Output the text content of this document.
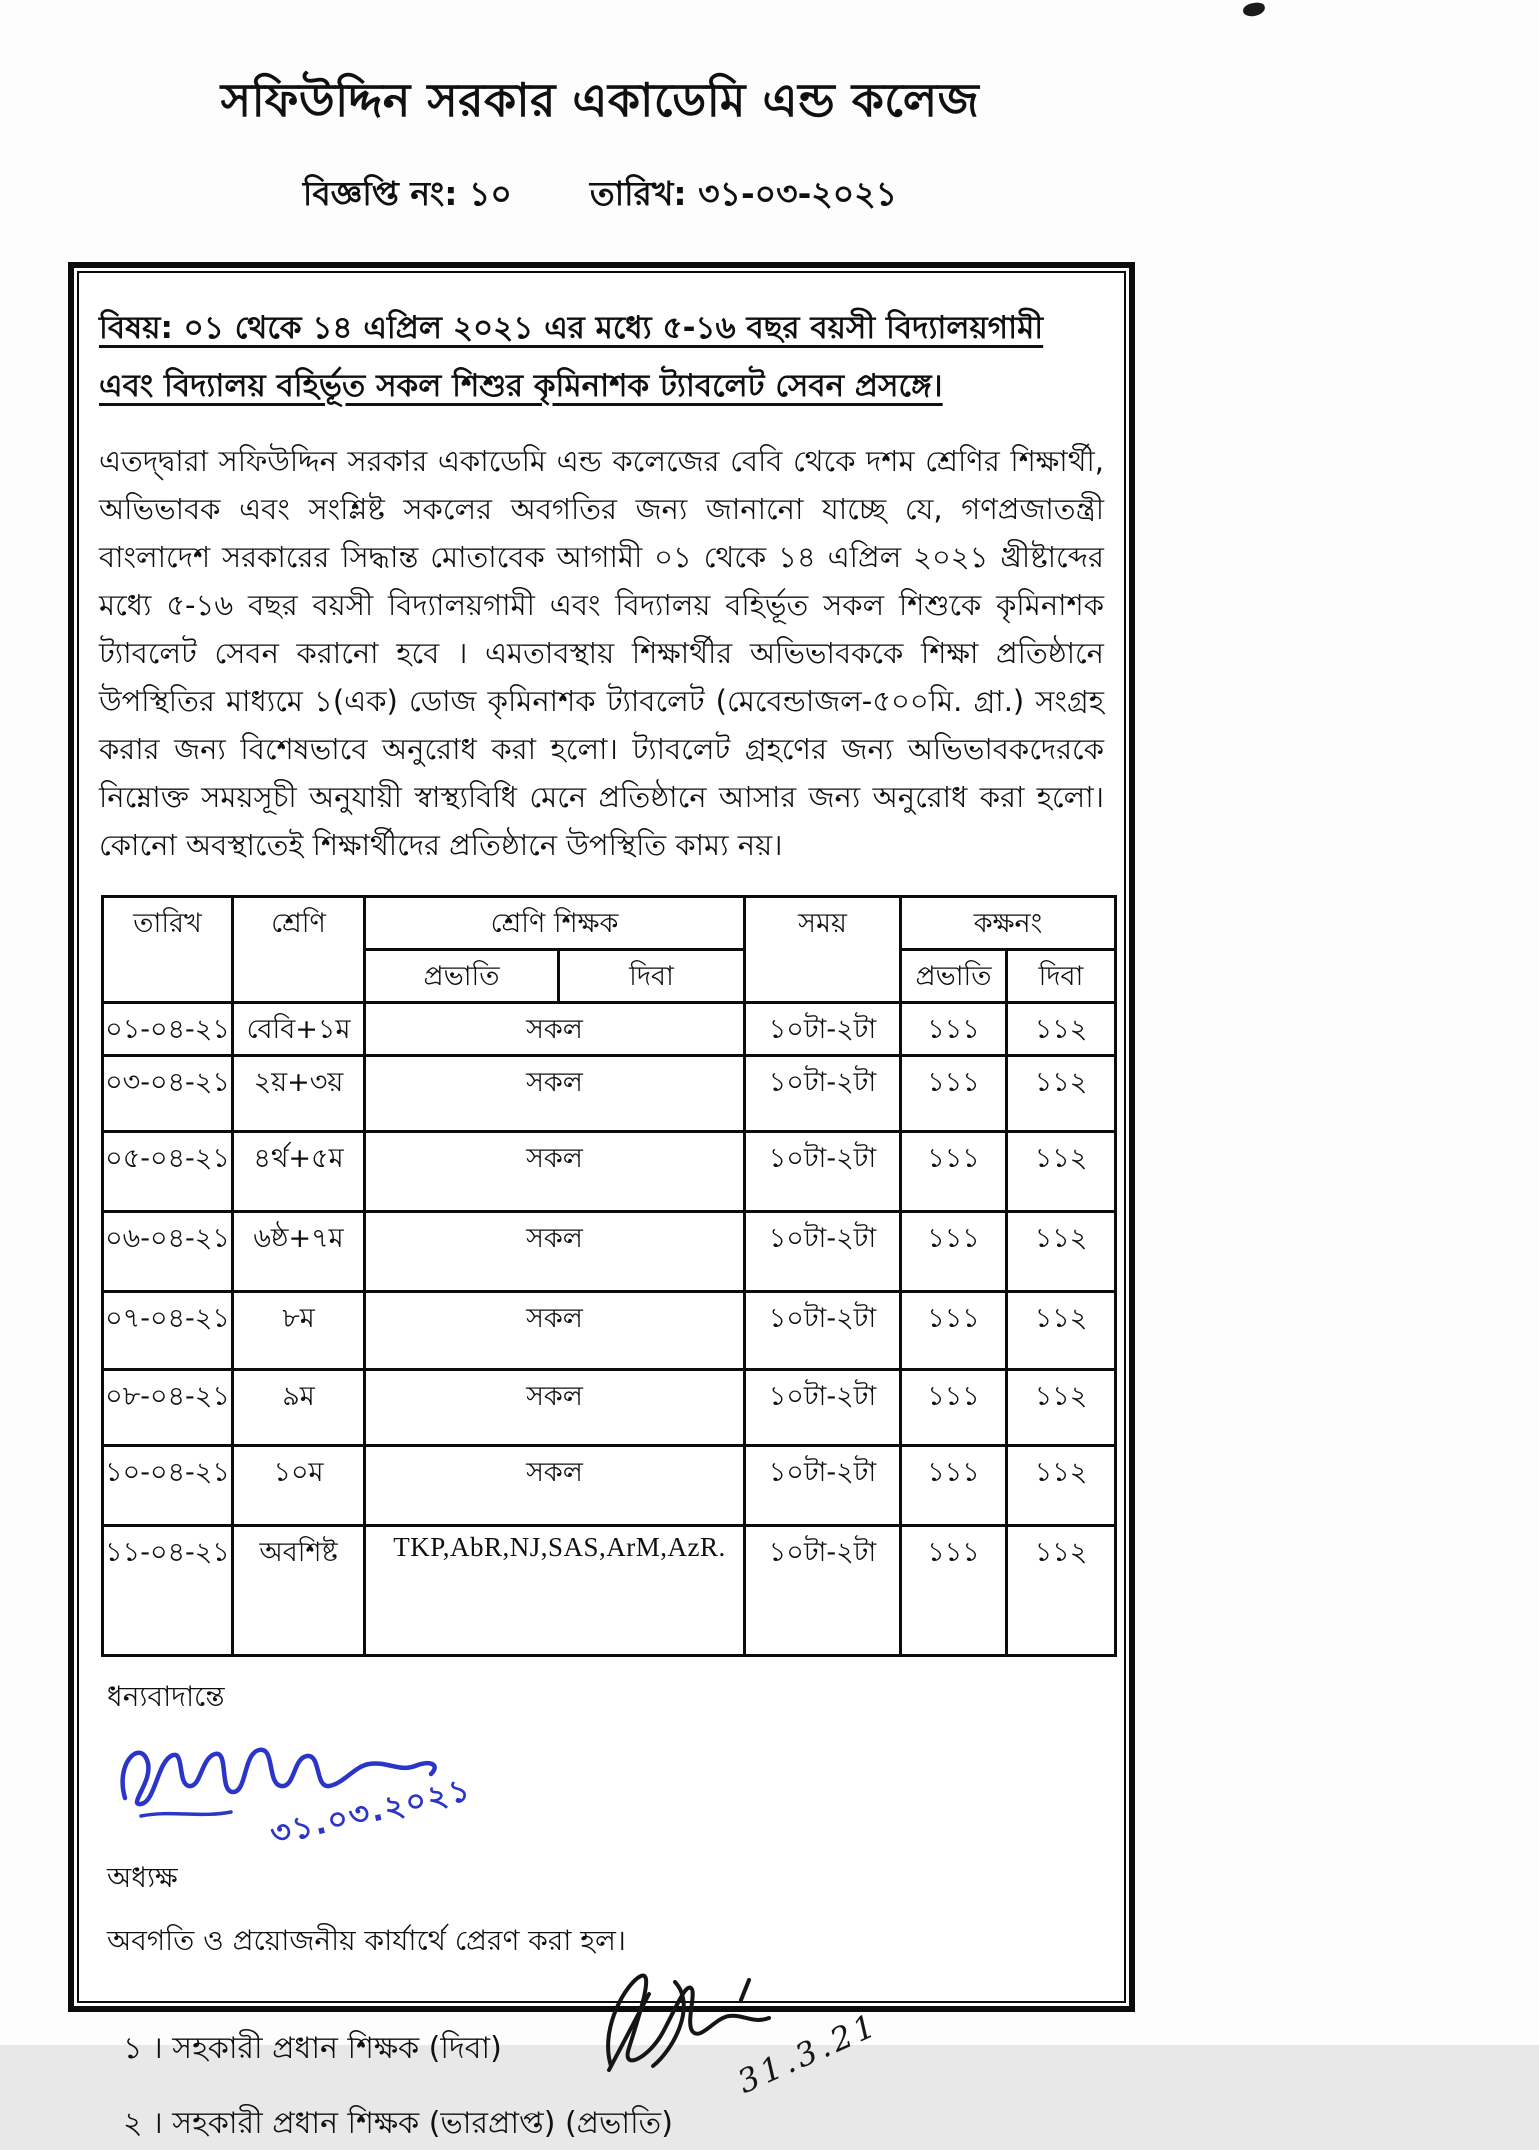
সফিউদ্দিন সরকার একাডেমি এন্ড কলেজ
বিজ্ঞপ্তি নং: ১০ তারিখ: ৩১-০৩-২০২১
বিষয়: ০১ থেকে ১৪ এপ্রিল ২০২১ এর মধ্যে ৫-১৬ বছর বয়সী বিদ্যালয়গামী এবং বিদ্যালয় বহির্ভূত সকল শিশুর কৃমিনাশক ট্যাবলেট সেবন প্রসঙ্গে।
এতদ্দ্বারা সফিউদ্দিন সরকার একাডেমি এন্ড কলেজের বেবি থেকে দশম শ্রেণির শিক্ষার্থী, অভিভাবক এবং সংশ্লিষ্ট সকলের অবগতির জন্য জানানো যাচ্ছে যে, গণপ্রজাতন্ত্রী বাংলাদেশ সরকারের সিদ্ধান্ত মোতাবেক আগামী ০১ থেকে ১৪ এপ্রিল ২০২১ খ্রীষ্টাব্দের মধ্যে ৫-১৬ বছর বয়সী বিদ্যালয়গামী এবং বিদ্যালয় বহির্ভূত সকল শিশুকে কৃমিনাশক ট্যাবলেট সেবন করানো হবে । এমতাবস্থায় শিক্ষার্থীর অভিভাবককে শিক্ষা প্রতিষ্ঠানে উপস্থিতির মাধ্যমে ১(এক) ডোজ কৃমিনাশক ট্যাবলেট (মেবেন্ডাজল-৫০০মি. গ্রা.) সংগ্রহ করার জন্য বিশেষভাবে অনুরোধ করা হলো। ট্যাবলেট গ্রহণের জন্য অভিভাবকদেরকে নিম্নোক্ত সময়সূচী অনুযায়ী স্বাস্থ্যবিধি মেনে প্রতিষ্ঠানে আসার জন্য অনুরোধ করা হলো। কোনো অবস্থাতেই শিক্ষার্থীদের প্রতিষ্ঠানে উপস্থিতি কাম্য নয়।
তারিখ	শ্রেণি	শ্রেণি শিক্ষক		সময়	কক্ষনং	
		প্রভাতি	দিবা		প্রভাতি	দিবা
০১-০৪-২১	বেবি+১ম	সকল		১০টা-২টা	১১১	১১২
০৩-০৪-২১	২য়+৩য়	সকল		১০টা-২টা	১১১	১১২
০৫-০৪-২১	৪র্থ+৫ম	সকল		১০টা-২টা	১১১	১১২
০৬-০৪-২১	৬ষ্ঠ+৭ম	সকল		১০টা-২টা	১১১	১১২
০৭-০৪-২১	৮ম	সকল		১০টা-২টা	১১১	১১২
০৮-০৪-২১	৯ম	সকল		১০টা-২টা	১১১	১১২
১০-০৪-২১	১০ম	সকল		১০টা-২টা	১১১	১১২
১১-০৪-২১	অবশিষ্ট	TKP,AbR,NJ,SAS,ArM,AzR.		১০টা-২টা	১১১	১১২
ধন্যবাদান্তে
৩১.০৩.২০২১
অধ্যক্ষ
অবগতি ও প্রয়োজনীয় কার্যার্থে প্রেরণ করা হল।
১ । সহকারী প্রধান শিক্ষক (দিবা)
২ । সহকারী প্রধান শিক্ষক (ভারপ্রাপ্ত) (প্রভাতি)
31.3.21
